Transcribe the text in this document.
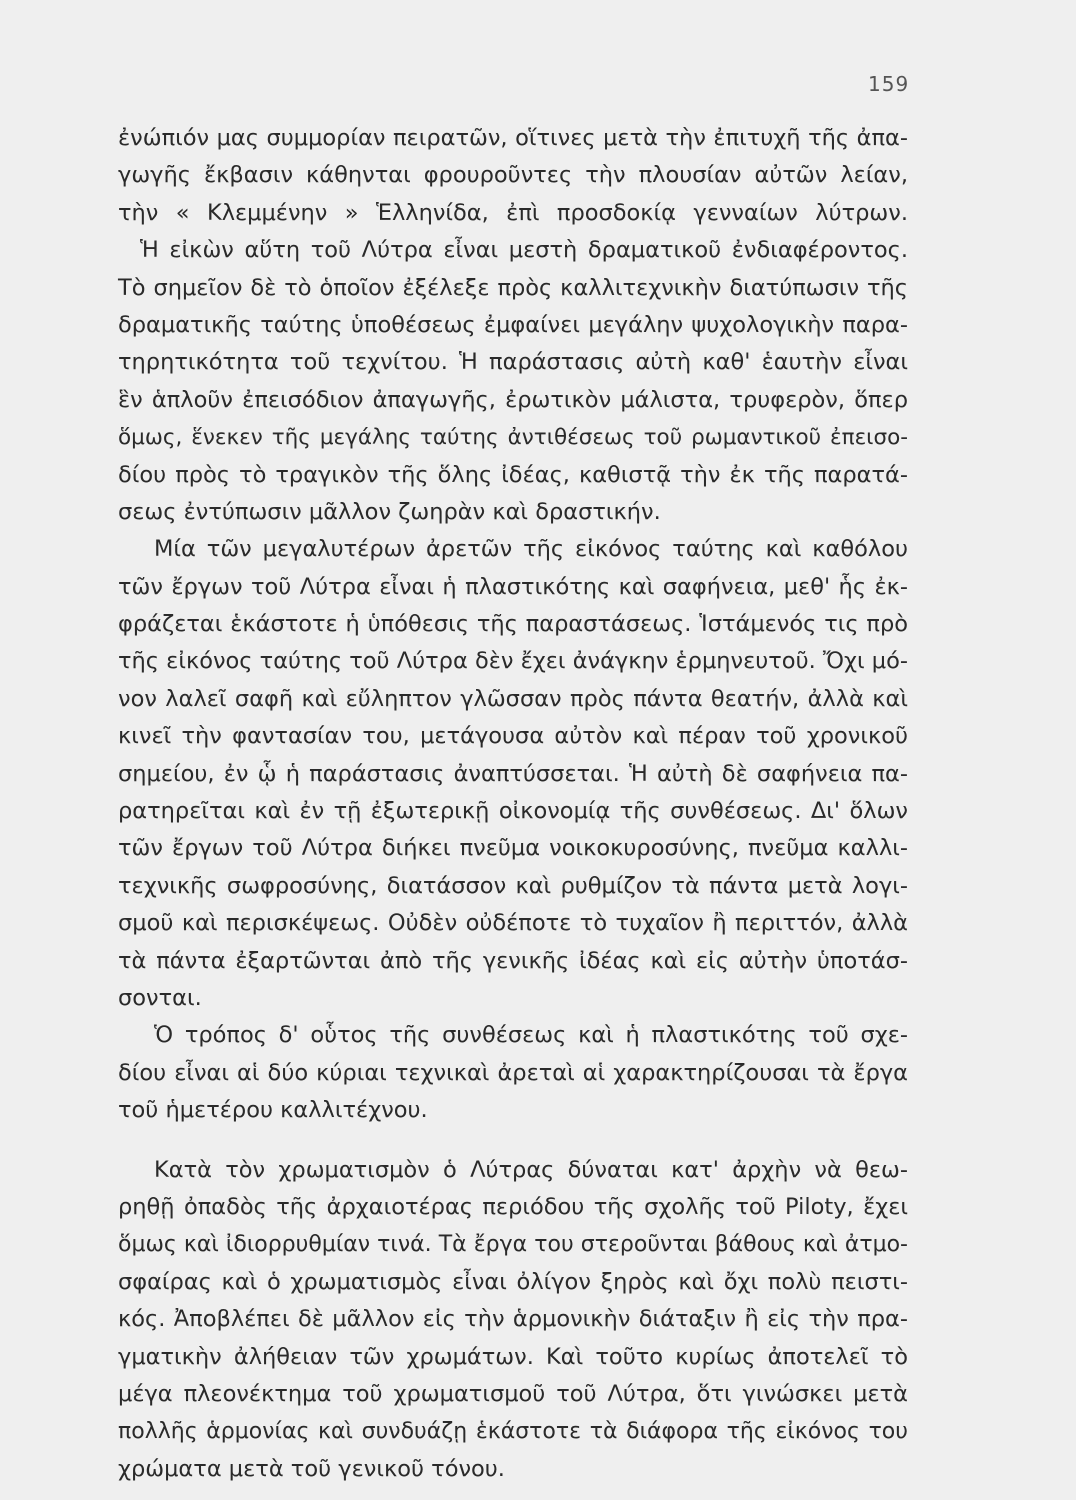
159
ἐνώπιόν μας συμμορίαν πειρατῶν, οἵτινες μετὰ τὴν ἐπιτυχῆ τῆς ἀπα-
γωγῆς ἔκβασιν κάθηνται φρουροῦντες τὴν πλουσίαν αὐτῶν λείαν,
τὴν « Κλεμμένην » Ἑλληνίδα, ἐπὶ προσδοκίᾳ γενναίων λύτρων.
Ἡ εἰκὼν αὕτη τοῦ Λύτρα εἶναι μεστὴ δραματικοῦ ἐνδιαφέροντος.
Τὸ σημεῖον δὲ τὸ ὁποῖον ἐξέλεξε πρὸς καλλιτεχνικὴν διατύπωσιν τῆς
δραματικῆς ταύτης ὑποθέσεως ἐμφαίνει μεγάλην ψυχολογικὴν παρα-
τηρητικότητα τοῦ τεχνίτου. Ἡ παράστασις αὐτὴ καθ' ἑαυτὴν εἶναι
ἓν ἁπλοῦν ἐπεισόδιον ἀπαγωγῆς, ἐρωτικὸν μάλιστα, τρυφερὸν, ὅπερ
ὅμως, ἕνεκεν τῆς μεγάλης ταύτης ἀντιθέσεως τοῦ ρωμαντικοῦ ἐπεισο-
δίου πρὸς τὸ τραγικὸν τῆς ὅλης ἰδέας, καθιστᾷ τὴν ἐκ τῆς παρατά-
σεως ἐντύπωσιν μᾶλλον ζωηρὰν καὶ δραστικήν.
Μία τῶν μεγαλυτέρων ἀρετῶν τῆς εἰκόνος ταύτης καὶ καθόλου
τῶν ἔργων τοῦ Λύτρα εἶναι ἡ πλαστικότης καὶ σαφήνεια, μεθ' ἧς ἐκ-
φράζεται ἑκάστοτε ἡ ὑπόθεσις τῆς παραστάσεως. Ἱστάμενός τις πρὸ
τῆς εἰκόνος ταύτης τοῦ Λύτρα δὲν ἔχει ἀνάγκην ἑρμηνευτοῦ. Ὄχι μό-
νον λαλεῖ σαφῆ καὶ εὔληπτον γλῶσσαν πρὸς πάντα θεατήν, ἀλλὰ καὶ
κινεῖ τὴν φαντασίαν του, μετάγουσα αὐτὸν καὶ πέραν τοῦ χρονικοῦ
σημείου, ἐν ᾧ ἡ παράστασις ἀναπτύσσεται. Ἡ αὐτὴ δὲ σαφήνεια πα-
ρατηρεῖται καὶ ἐν τῇ ἐξωτερικῇ οἰκονομίᾳ τῆς συνθέσεως. Δι' ὅλων
τῶν ἔργων τοῦ Λύτρα διήκει πνεῦμα νοικοκυροσύνης, πνεῦμα καλλι-
τεχνικῆς σωφροσύνης, διατάσσον καὶ ρυθμίζον τὰ πάντα μετὰ λογι-
σμοῦ καὶ περισκέψεως. Οὐδὲν οὐδέποτε τὸ τυχαῖον ἢ περιττόν, ἀλλὰ
τὰ πάντα ἐξαρτῶνται ἀπὸ τῆς γενικῆς ἰδέας καὶ εἰς αὐτὴν ὑποτάσ-
σονται.
Ὁ τρόπος δ' οὗτος τῆς συνθέσεως καὶ ἡ πλαστικότης τοῦ σχε-
δίου εἶναι αἱ δύο κύριαι τεχνικαὶ ἀρεταὶ αἱ χαρακτηρίζουσαι τὰ ἔργα
τοῦ ἡμετέρου καλλιτέχνου.
Κατὰ τὸν χρωματισμὸν ὁ Λύτρας δύναται κατ' ἀρχὴν νὰ θεω-
ρηθῇ ὀπαδὸς τῆς ἀρχαιοτέρας περιόδου τῆς σχολῆς τοῦ Piloty, ἔχει
ὅμως καὶ ἰδιορρυθμίαν τινά. Τὰ ἔργα του στεροῦνται βάθους καὶ ἀτμο-
σφαίρας καὶ ὁ χρωματισμὸς εἶναι ὀλίγον ξηρὸς καὶ ὄχι πολὺ πειστι-
κός. Ἀποβλέπει δὲ μᾶλλον εἰς τὴν ἁρμονικὴν διάταξιν ἢ εἰς τὴν πρα-
γματικὴν ἀλήθειαν τῶν χρωμάτων. Καὶ τοῦτο κυρίως ἀποτελεῖ τὸ
μέγα πλεονέκτημα τοῦ χρωματισμοῦ τοῦ Λύτρα, ὅτι γινώσκει μετὰ
πολλῆς ἁρμονίας καὶ συνδυάζῃ ἑκάστοτε τὰ διάφορα τῆς εἰκόνος του
χρώματα μετὰ τοῦ γενικοῦ τόνου.
